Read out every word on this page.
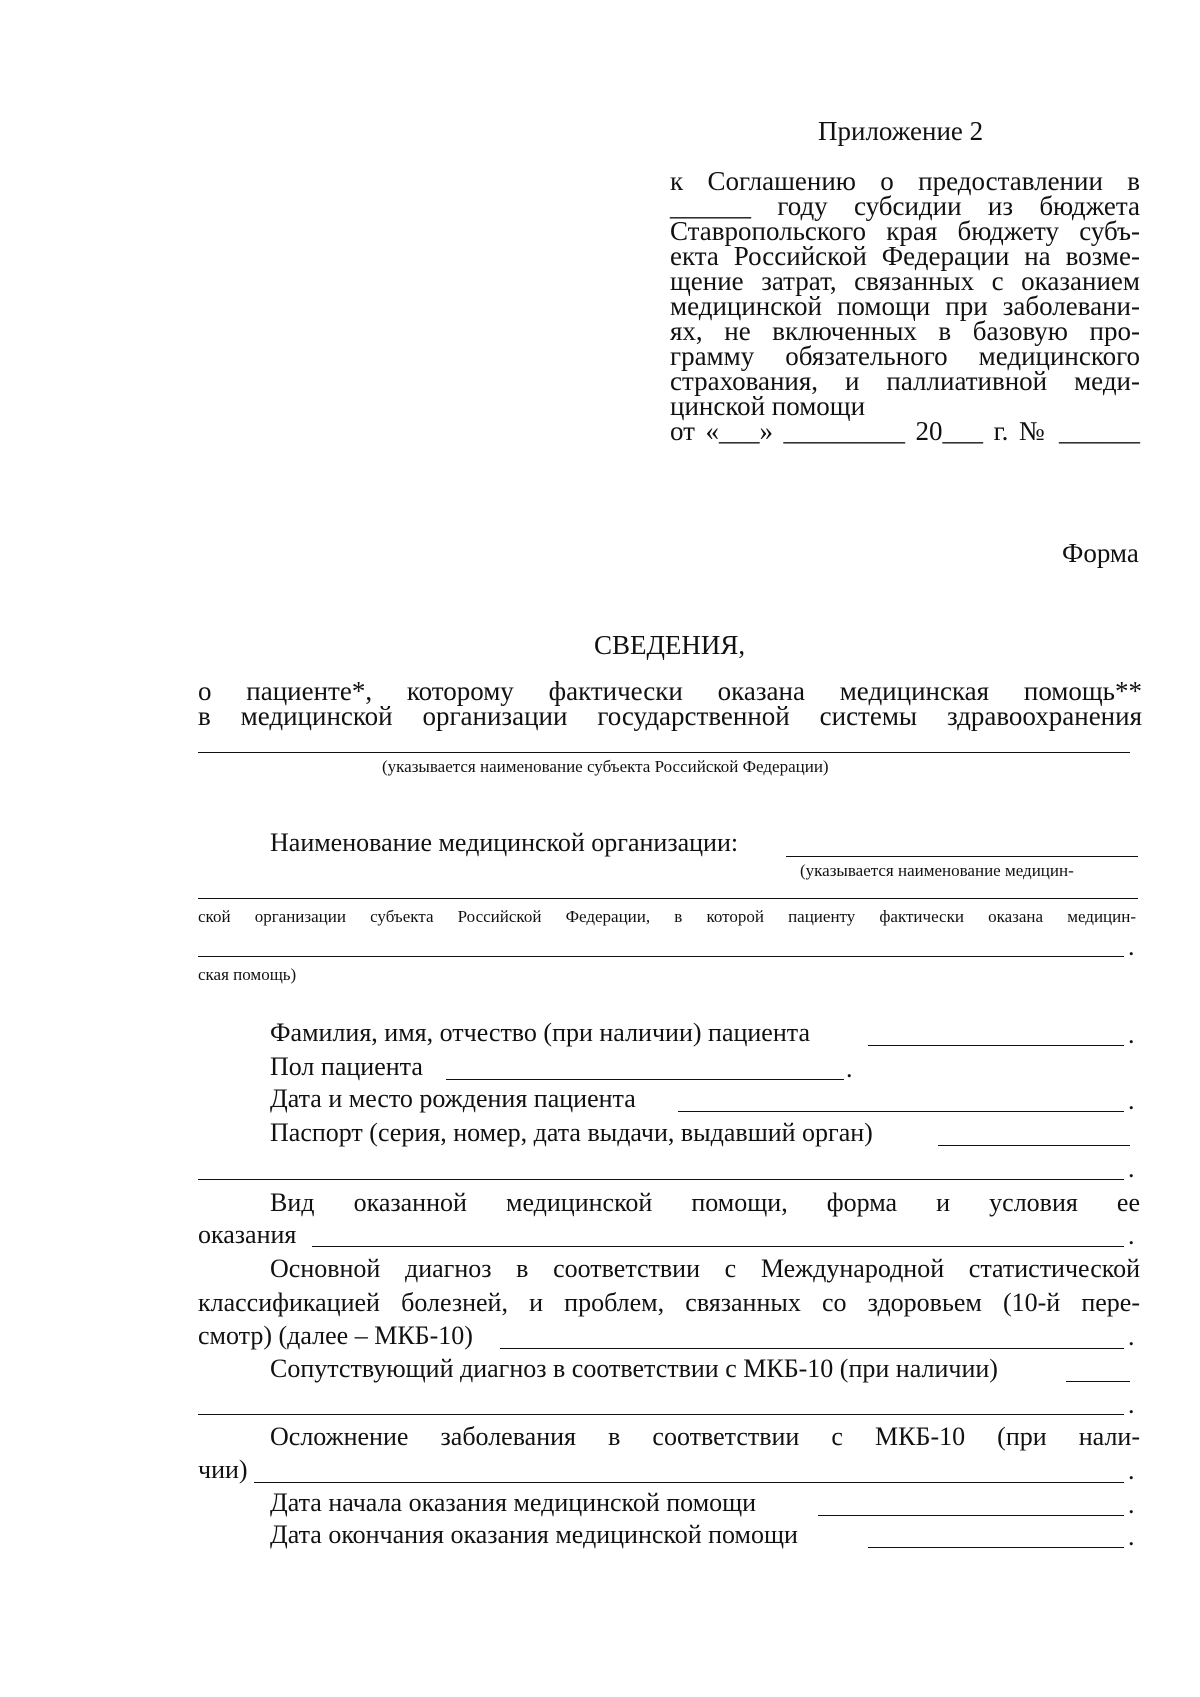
Приложение 2
к Соглашению о предоставлении в
______ году субсидии из бюджета
Ставропольского края бюджету субъ-
екта Российской Федерации на возме-
щение затрат, связанных с оказанием
медицинской помощи при заболевани-
ях, не включенных в базовую про-
грамму обязательного медицинского
страхования, и паллиативной меди-
цинской помощи
от «___» _________ 20___ г. № ______
Форма
СВЕДЕНИЯ,
о пациенте*, которому фактически оказана медицинская помощь**
в медицинской организации государственной системы здравоохранения
(указывается наименование субъекта Российской Федерации)
Наименование медицинской организации:
(указывается наименование медицин-
ской организации субъекта Российской Федерации, в которой пациенту фактически оказана медицин-
.
ская помощь)
Фамилия, имя, отчество (при наличии) пациента	.
Пол пациента	.
Дата и место рождения пациента	.
Паспорт (серия, номер, дата выдачи, выдавший орган)
.
Вид оказанной медицинской помощи, форма и условия ее
оказания	.
Основной диагноз в соответствии с Международной статистической
классификацией болезней, и проблем, связанных со здоровьем (10-й пере-
смотр) (далее – МКБ-10)	.
Сопутствующий диагноз в соответствии с МКБ-10 (при наличии)
.
Осложнение заболевания в соответствии с МКБ-10 (при нали-
чии)	.
Дата начала оказания медицинской помощи	.
Дата окончания оказания медицинской помощи	.
